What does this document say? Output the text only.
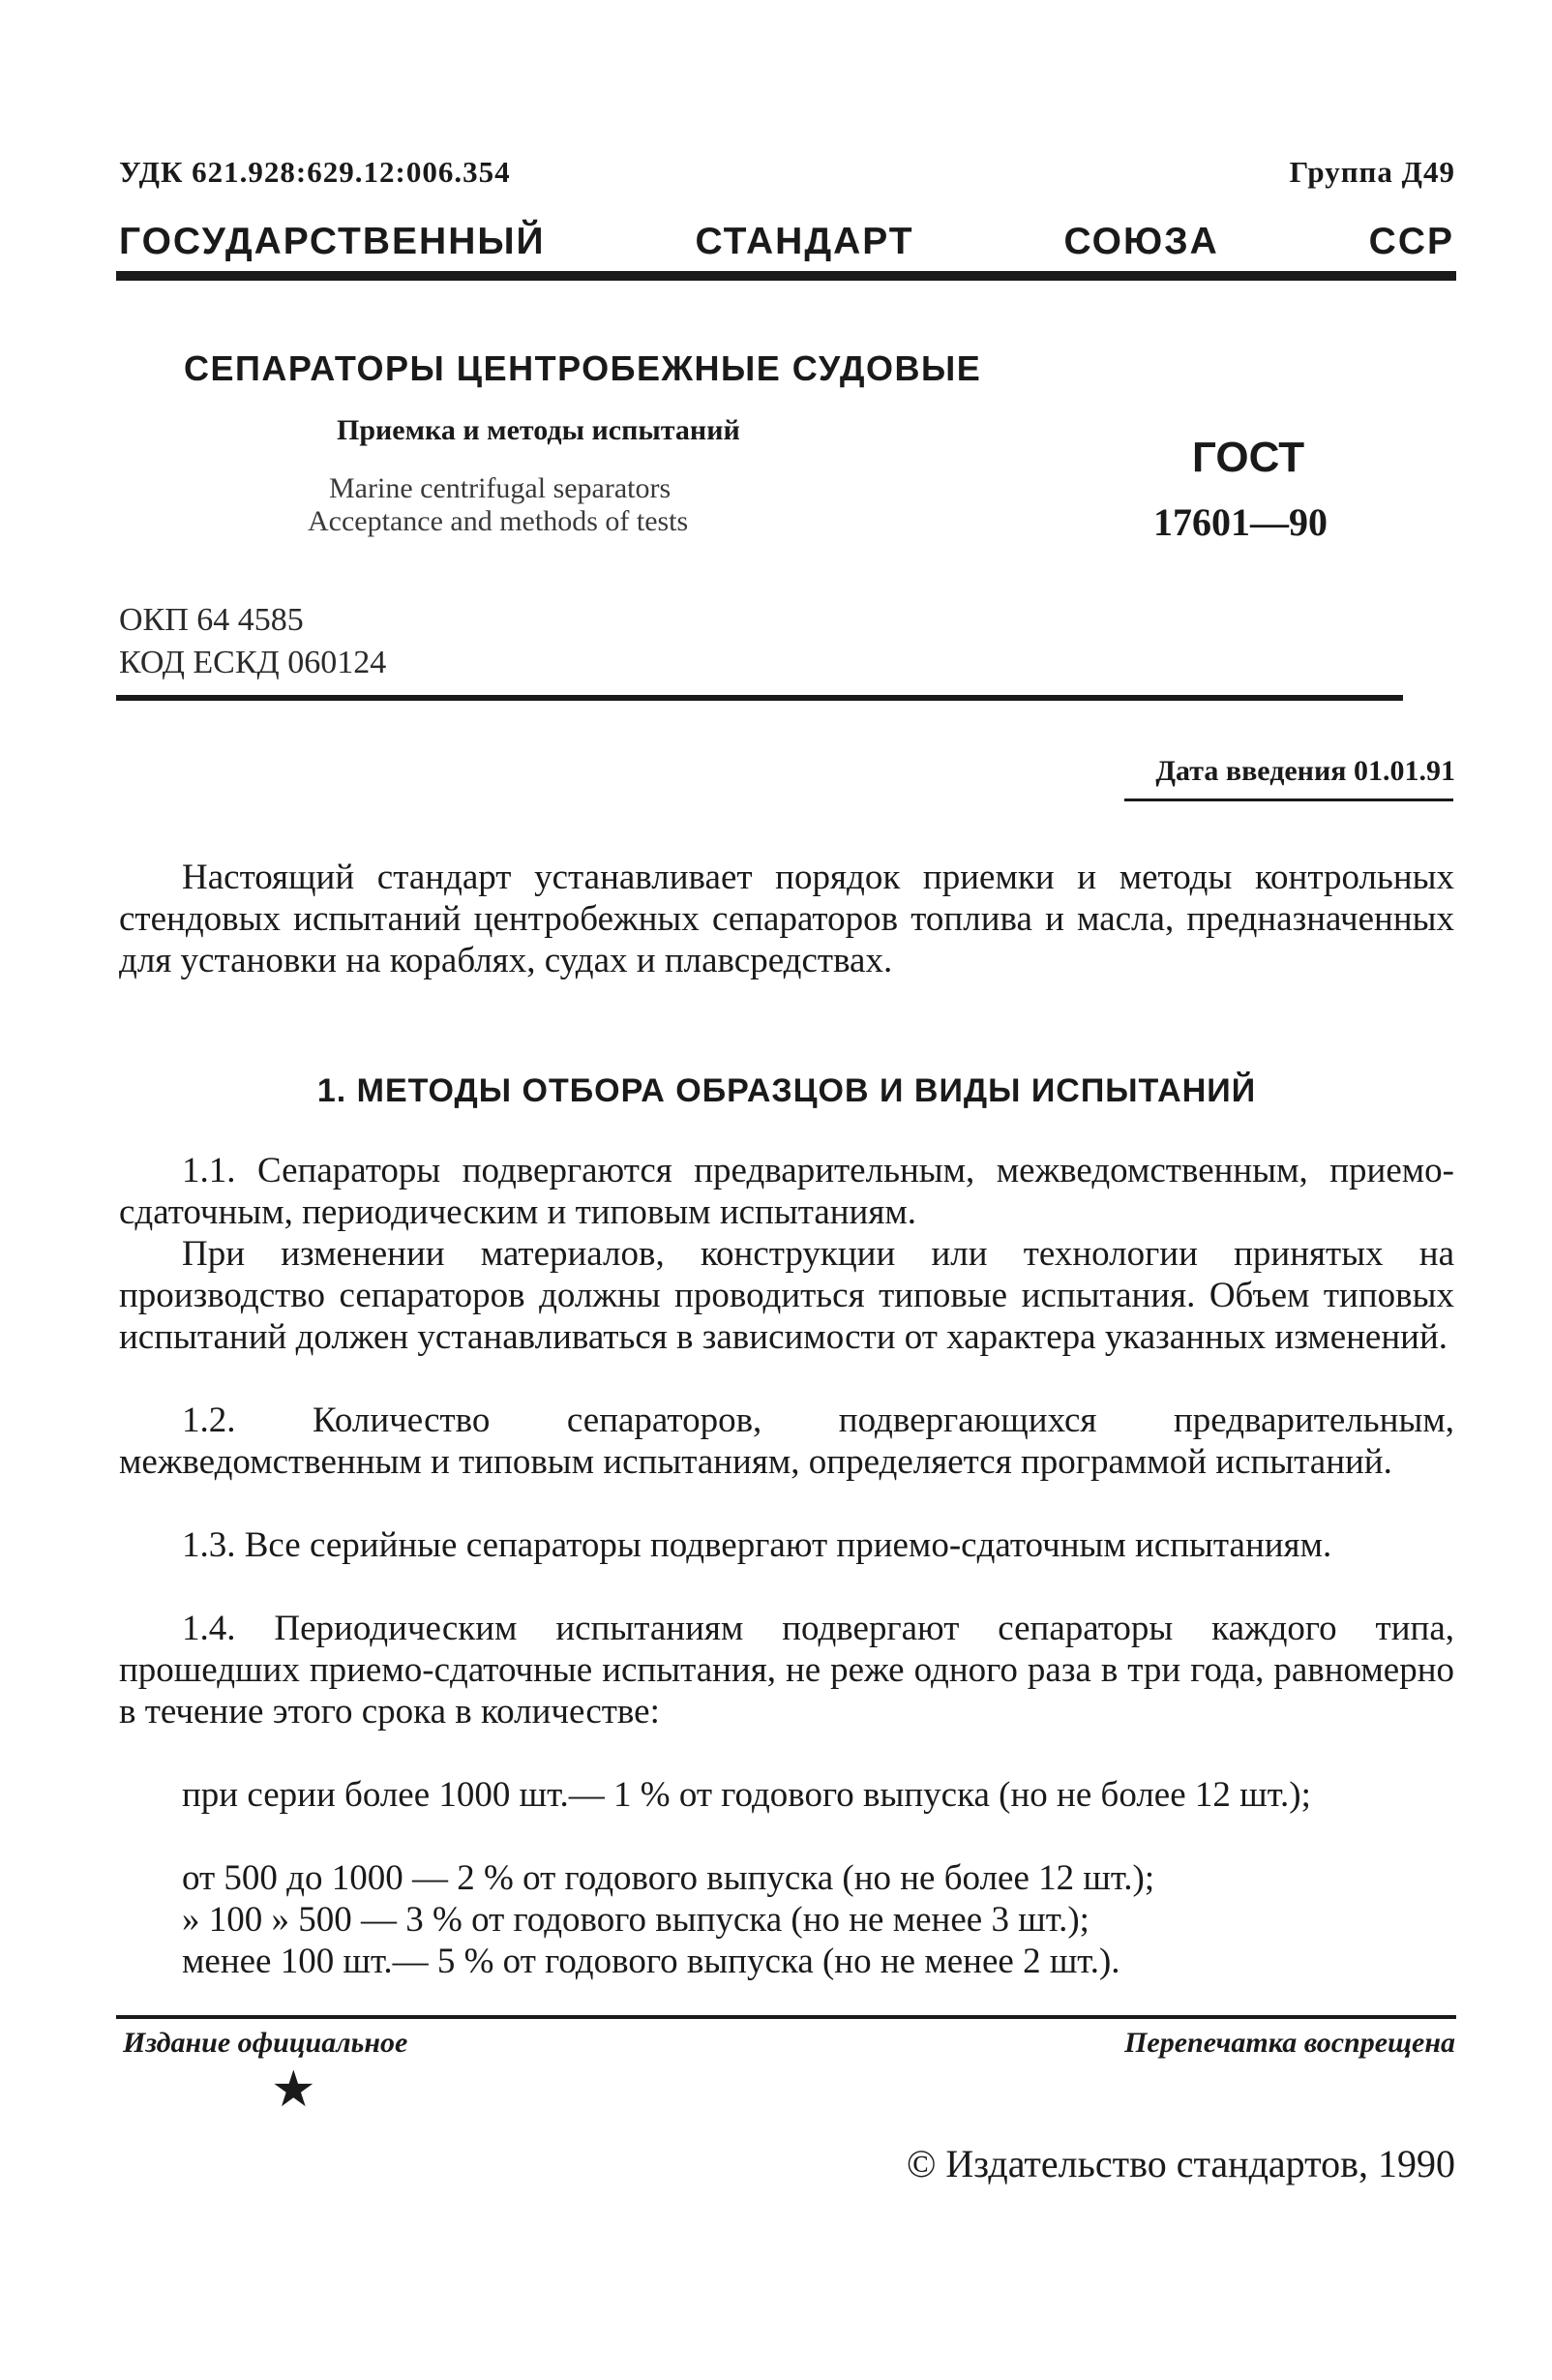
УДК 621.928:629.12:006.354	Группа Д49
ГОСУДАРСТВЕННЫЙ СТАНДАРТ СОЮЗА ССР
СЕПАРАТОРЫ ЦЕНТРОБЕЖНЫЕ СУДОВЫЕ
Приемка и методы испытаний
Marine centrifugal separators
Acceptance and methods of tests
ГОСТ
17601—90
ОКП 64 4585
КОД ЕСКД 060124
Дата введения 01.01.91

Настоящий стандарт устанавливает порядок приемки и методы контрольных стендовых испытаний центробежных сепараторов топлива и масла, предназначенных для установки на кораблях, судах и плавсредствах.

1. МЕТОДЫ ОТБОРА ОБРАЗЦОВ И ВИДЫ ИСПЫТАНИЙ

1.1. Сепараторы подвергаются предварительным, межведомственным, приемо-сдаточным, периодическим и типовым испытаниям.

При изменении материалов, конструкции или технологии принятых на производство сепараторов должны проводиться типовые испытания. Объем типовых испытаний должен устанавливаться в зависимости от характера указанных изменений.

1.2. Количество сепараторов, подвергающихся предварительным, межведомственным и типовым испытаниям, определяется программой испытаний.

1.3. Все серийные сепараторы подвергают приемо-сдаточным испытаниям.

1.4. Периодическим испытаниям подвергают сепараторы каждого типа, прошедших приемо-сдаточные испытания, не реже одного раза в три года, равномерно в течение этого срока в количестве:

при серии более 1000 шт.— 1 % от годового выпуска (но не более 12 шт.);

от 500 до 1000 — 2 % от годового выпуска (но не более 12 шт.);
» 100 » 500 — 3 % от годового выпуска (но не менее 3 шт.);
менее 100 шт.— 5 % от годового выпуска (но не менее 2 шт.).
Издание официальное	Перепечатка воспрещена
★
© Издательство стандартов, 1990
